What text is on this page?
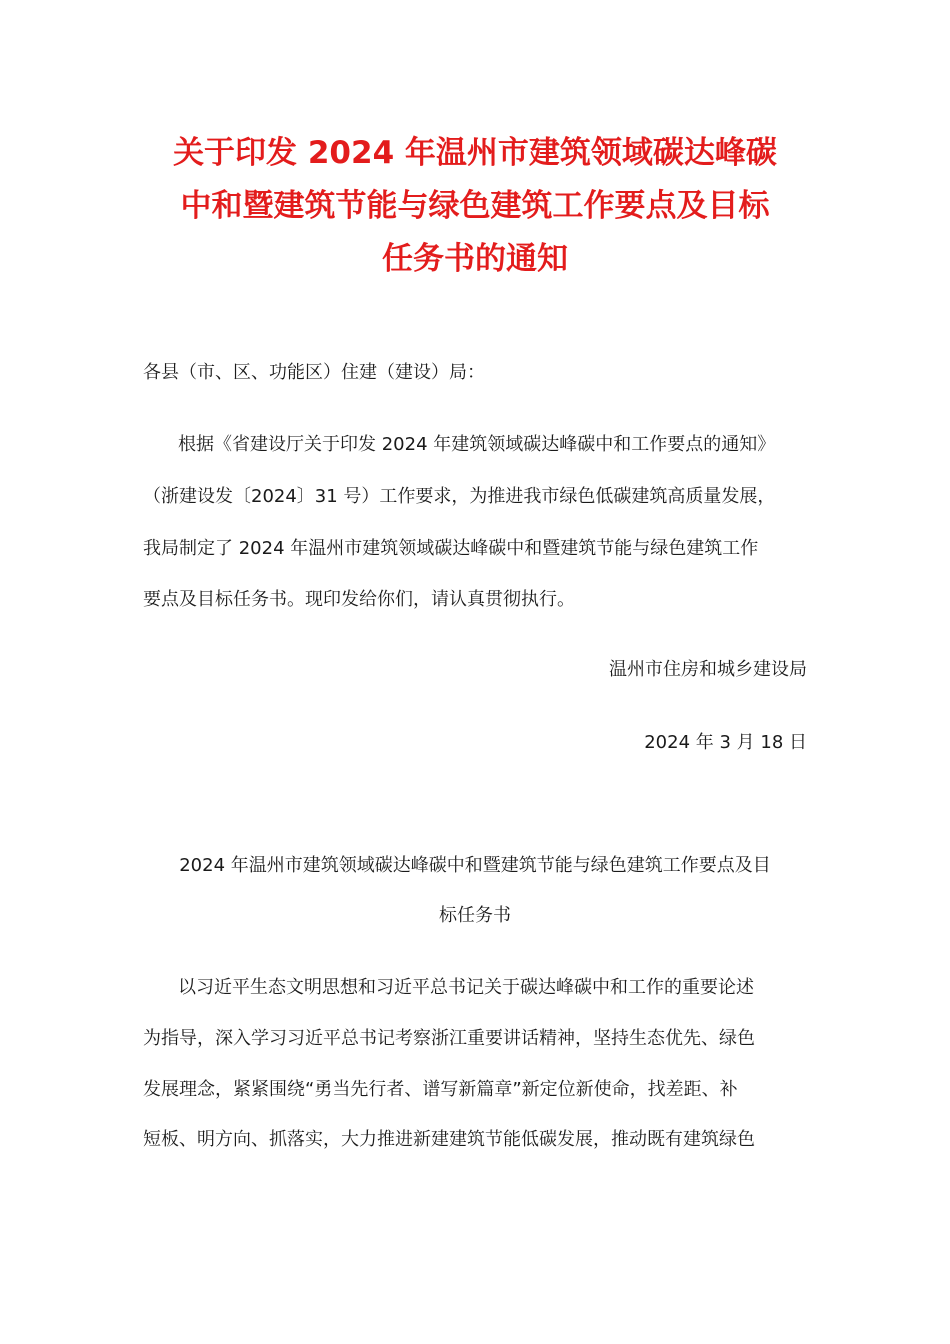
关于印发 2024 年温州市建筑领域碳达峰碳
中和暨建筑节能与绿色建筑工作要点及目标
任务书的通知
各县（市、区、功能区）住建（建设）局：
根据《省建设厅关于印发 2024 年建筑领域碳达峰碳中和工作要点的通知》
（浙建设发〔2024〕31 号）工作要求，为推进我市绿色低碳建筑高质量发展，
我局制定了 2024 年温州市建筑领域碳达峰碳中和暨建筑节能与绿色建筑工作
要点及目标任务书。现印发给你们，请认真贯彻执行。
温州市住房和城乡建设局
2024 年 3 月 18 日
2024 年温州市建筑领域碳达峰碳中和暨建筑节能与绿色建筑工作要点及目
标任务书
以习近平生态文明思想和习近平总书记关于碳达峰碳中和工作的重要论述
为指导，深入学习习近平总书记考察浙江重要讲话精神，坚持生态优先、绿色
发展理念，紧紧围绕“勇当先行者、谱写新篇章”新定位新使命，找差距、补
短板、明方向、抓落实，大力推进新建建筑节能低碳发展，推动既有建筑绿色
